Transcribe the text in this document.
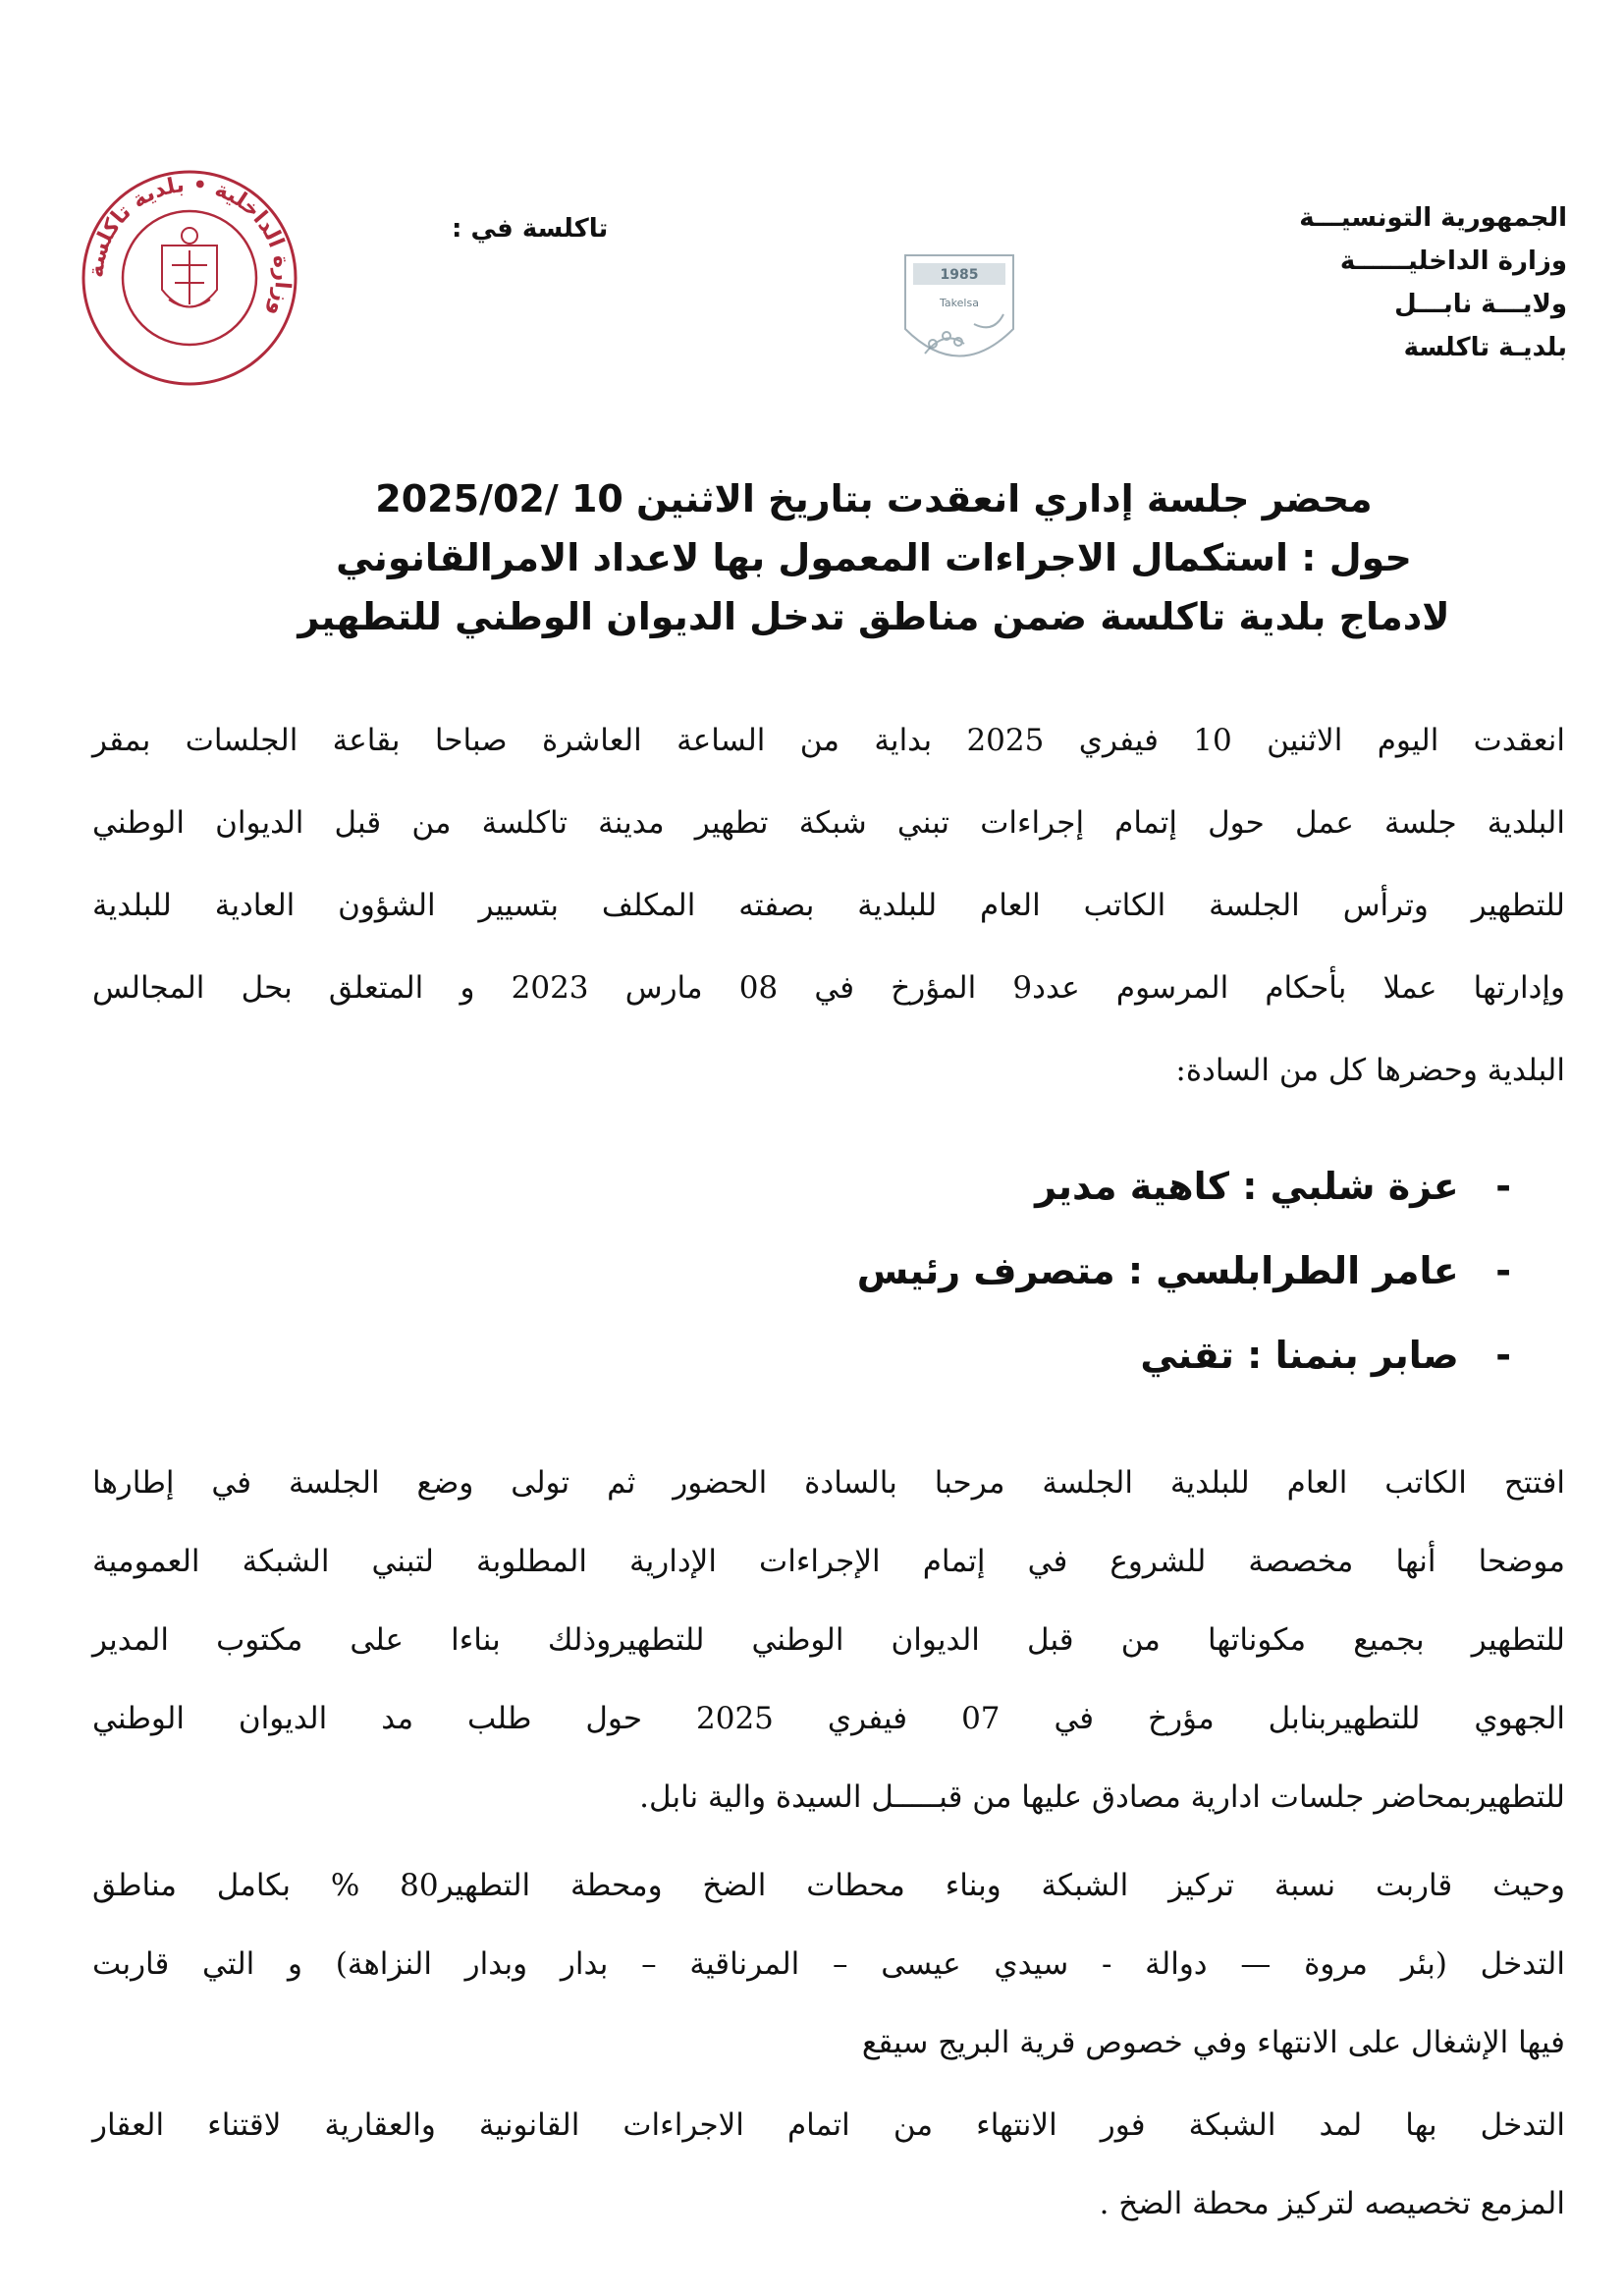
وزارة الداخلية • بلدية تاكلسة
تاكلسة في :
1985
Takelsa
الجمهورية التونسيـــة
وزارة الداخليــــــة
ولايـــة نابـــل
بلديـة تاكلسة
محضر جلسة إداري انعقدت بتاريخ الاثنين 10 /2025/02
حول : استكمال الاجراءات المعمول بها لاعداد الامرالقانوني
لادماج بلدية تاكلسة ضمن مناطق تدخل الديوان الوطني للتطهير
انعقدت اليوم الاثنين 10 فيفري 2025 بداية من الساعة العاشرة صباحا بقاعة الجلسات بمقر
البلدية جلسة عمل حول إتمام إجراءات تبني شبكة تطهير مدينة تاكلسة من قبل الديوان الوطني
للتطهير وترأس الجلسة الكاتب العام للبلدية بصفته المكلف بتسيير الشؤون العادية للبلدية
وإدارتها عملا بأحكام المرسوم عدد9 المؤرخ في 08 مارس 2023 و المتعلق بحل المجالس
البلدية وحضرها كل من السادة:
- عزة شلبي : كاهية مدير
- عامر الطرابلسي : متصرف رئيس
- صابر بنمنا : تقني
افتتح الكاتب العام للبلدية الجلسة مرحبا بالسادة الحضور ثم تولى وضع الجلسة في إطارها
موضحا أنها مخصصة للشروع في إتمام الإجراءات الإدارية المطلوبة لتبني الشبكة العمومية
للتطهير بجميع مكوناتها من قبل الديوان الوطني للتطهيروذلك بناءا على مكتوب المدير
الجهوي للتطهيربنابل مؤرخ في 07 فيفري 2025 حول طلب مد الديوان الوطني
للتطهيربمحاضر جلسات ادارية مصادق عليها من قبـــــل السيدة والية نابل.
وحيث قاربت نسبة تركيز الشبكة وبناء محطات الضخ ومحطة التطهير80 % بكامل مناطق
التدخل (بئر مروة — دوالة - سيدي عيسى – المرناقية – بدار وبدار النزاهة) و التي قاربت
فيها الإشغال على الانتهاء وفي خصوص قرية البريج سيقع
التدخل بها لمد الشبكة فور الانتهاء من اتمام الاجراءات القانونية والعقارية لاقتناء العقار
المزمع تخصيصه لتركيز محطة الضخ .
